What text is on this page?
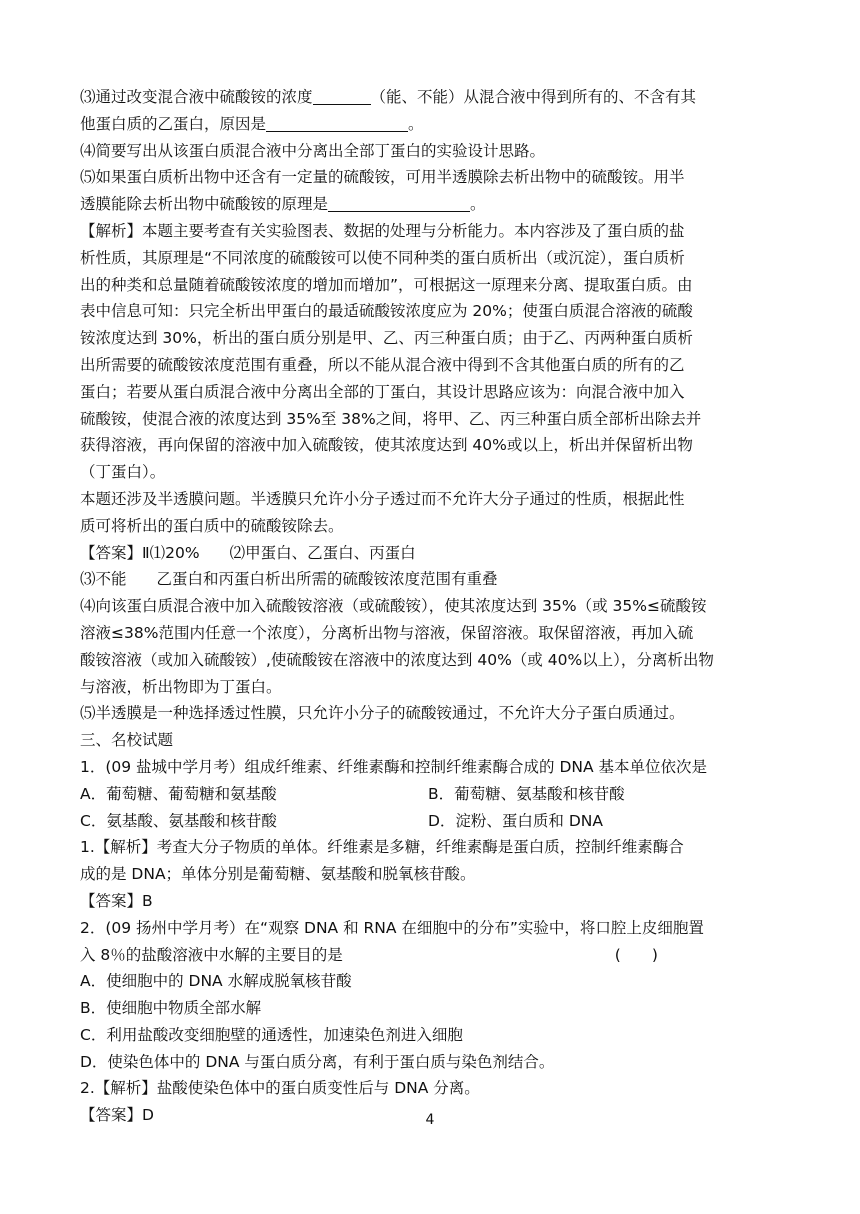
⑶通过改变混合液中硫酸铵的浓度	（能、不能）从混合液中得到所有的、不含有其
他蛋白质的乙蛋白，原因是	。
⑷简要写出从该蛋白质混合液中分离出全部丁蛋白的实验设计思路。
⑸如果蛋白质析出物中还含有一定量的硫酸铵，可用半透膜除去析出物中的硫酸铵。用半
透膜能除去析出物中硫酸铵的原理是	。
【解析】本题主要考查有关实验图表、数据的处理与分析能力。本内容涉及了蛋白质的盐
析性质，其原理是“不同浓度的硫酸铵可以使不同种类的蛋白质析出（或沉淀），蛋白质析
出的种类和总量随着硫酸铵浓度的增加而增加”，可根据这一原理来分离、提取蛋白质。由
表中信息可知：只完全析出甲蛋白的最适硫酸铵浓度应为 20%；使蛋白质混合溶液的硫酸
铵浓度达到 30%，析出的蛋白质分别是甲、乙、丙三种蛋白质；由于乙、丙两种蛋白质析
出所需要的硫酸铵浓度范围有重叠，所以不能从混合液中得到不含其他蛋白质的所有的乙
蛋白；若要从蛋白质混合液中分离出全部的丁蛋白，其设计思路应该为：向混合液中加入
硫酸铵，使混合液的浓度达到 35%至 38%之间，将甲、乙、丙三种蛋白质全部析出除去并
获得溶液，再向保留的溶液中加入硫酸铵，使其浓度达到 40%或以上，析出并保留析出物
（丁蛋白）。
本题还涉及半透膜问题。半透膜只允许小分子透过而不允许大分子通过的性质，根据此性
质可将析出的蛋白质中的硫酸铵除去。
【答案】Ⅱ⑴20% ⑵甲蛋白、乙蛋白、丙蛋白
⑶不能 乙蛋白和丙蛋白析出所需的硫酸铵浓度范围有重叠
⑷向该蛋白质混合液中加入硫酸铵溶液（或硫酸铵），使其浓度达到 35%（或 35%≤硫酸铵
溶液≤38%范围内任意一个浓度），分离析出物与溶液，保留溶液。取保留溶液，再加入硫
酸铵溶液（或加入硫酸铵）,使硫酸铵在溶液中的浓度达到 40%（或 40%以上），分离析出物
与溶液，析出物即为丁蛋白。
⑸半透膜是一种选择透过性膜，只允许小分子的硫酸铵通过，不允许大分子蛋白质通过。
三、名校试题
1．(09 盐城中学月考）组成纤维素、纤维素酶和控制纤维素酶合成的 DNA 基本单位依次是
A．葡萄糖、葡萄糖和氨基酸	B．葡萄糖、氨基酸和核苷酸
C．氨基酸、氨基酸和核苷酸	D．淀粉、蛋白质和 DNA
1.【解析】考查大分子物质的单体。纤维素是多糖，纤维素酶是蛋白质，控制纤维素酶合
成的是 DNA；单体分别是葡萄糖、氨基酸和脱氧核苷酸。
【答案】B
2．(09 扬州中学月考）在“观察 DNA 和 RNA 在细胞中的分布”实验中，将口腔上皮细胞置
入 8％的盐酸溶液中水解的主要目的是	(　　)
A．使细胞中的 DNA 水解成脱氧核苷酸
B．使细胞中物质全部水解
C．利用盐酸改变细胞壁的通透性，加速染色剂进入细胞
D．使染色体中的 DNA 与蛋白质分离，有利于蛋白质与染色剂结合。
2.【解析】盐酸使染色体中的蛋白质变性后与 DNA 分离。
【答案】D	4
